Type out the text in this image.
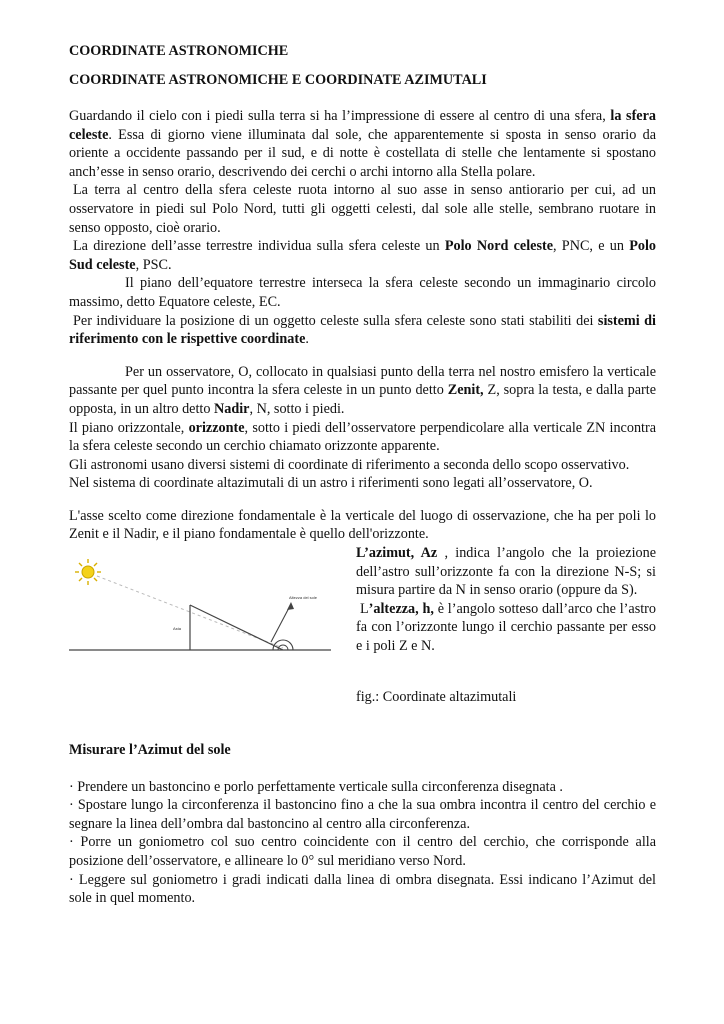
COORDINATE ASTRONOMICHE
COORDINATE ASTRONOMICHE E COORDINATE AZIMUTALI

Guardando il cielo con i piedi sulla terra si ha l’impressione di essere al centro di una sfera, la sfera celeste. Essa di giorno viene illuminata dal sole, che apparentemente si sposta in senso orario da oriente a occidente passando per il sud, e di notte è costellata di stelle che lentamente si spostano anch’esse in senso orario, descrivendo dei cerchi o archi intorno alla Stella polare.

La terra al centro della sfera celeste ruota intorno al suo asse in senso antiorario per cui, ad un osservatore in piedi sul Polo Nord, tutti gli oggetti celesti, dal sole alle stelle, sembrano ruotare in senso opposto, cioè orario.

La direzione dell’asse terrestre individua sulla sfera celeste un Polo Nord celeste, PNC, e un Polo Sud celeste, PSC.

Il piano dell’equatore terrestre interseca la sfera celeste secondo un immaginario circolo massimo, detto Equatore celeste, EC.

Per individuare la posizione di un oggetto celeste sulla sfera celeste sono stati stabiliti dei sistemi di riferimento con le rispettive coordinate.

Per un osservatore, O, collocato in qualsiasi punto della terra nel nostro emisfero la verticale passante per quel punto incontra la sfera celeste in un punto detto Zenit, Z, sopra la testa, e dalla parte opposta, in un altro detto Nadir, N, sotto i piedi.

Il piano orizzontale, orizzonte, sotto i piedi dell’osservatore perpendicolare alla verticale ZN incontra la sfera celeste secondo un cerchio chiamato orizzonte apparente.

Gli astronomi usano diversi sistemi di coordinate di riferimento a seconda dello scopo osservativo.

Nel sistema di coordinate altazimutali di un astro i riferimenti sono legati all’osservatore, O.

L'asse scelto come direzione fondamentale è la verticale del luogo di osservazione, che ha per poli lo Zenit e il Nadir, e il piano fondamentale è quello dell'orizzonte.

Asta
Altezza del sole

L’azimut, Az , indica l’angolo che la proiezione dell’astro sull’orizzonte fa con la direzione N-S; si misura partire da N in senso orario (oppure da S).

L’altezza, h, è l’angolo sotteso dall’arco che l’astro fa con l’orizzonte lungo il cerchio passante per esso e i poli Z e N.

fig.: Coordinate altazimutali

Misurare l’Azimut del sole

· Prendere un bastoncino e porlo perfettamente verticale sulla circonferenza disegnata .

· Spostare lungo la circonferenza il bastoncino fino a che la sua ombra incontra il centro del cerchio e segnare la linea dell’ombra dal bastoncino al centro alla circonferenza.

· Porre un goniometro col suo centro coincidente con il centro del cerchio, che corrisponde alla posizione dell’osservatore, e allineare lo 0° sul meridiano verso Nord.

· Leggere sul goniometro i gradi indicati dalla linea di ombra disegnata. Essi indicano l’Azimut del sole in quel momento.
